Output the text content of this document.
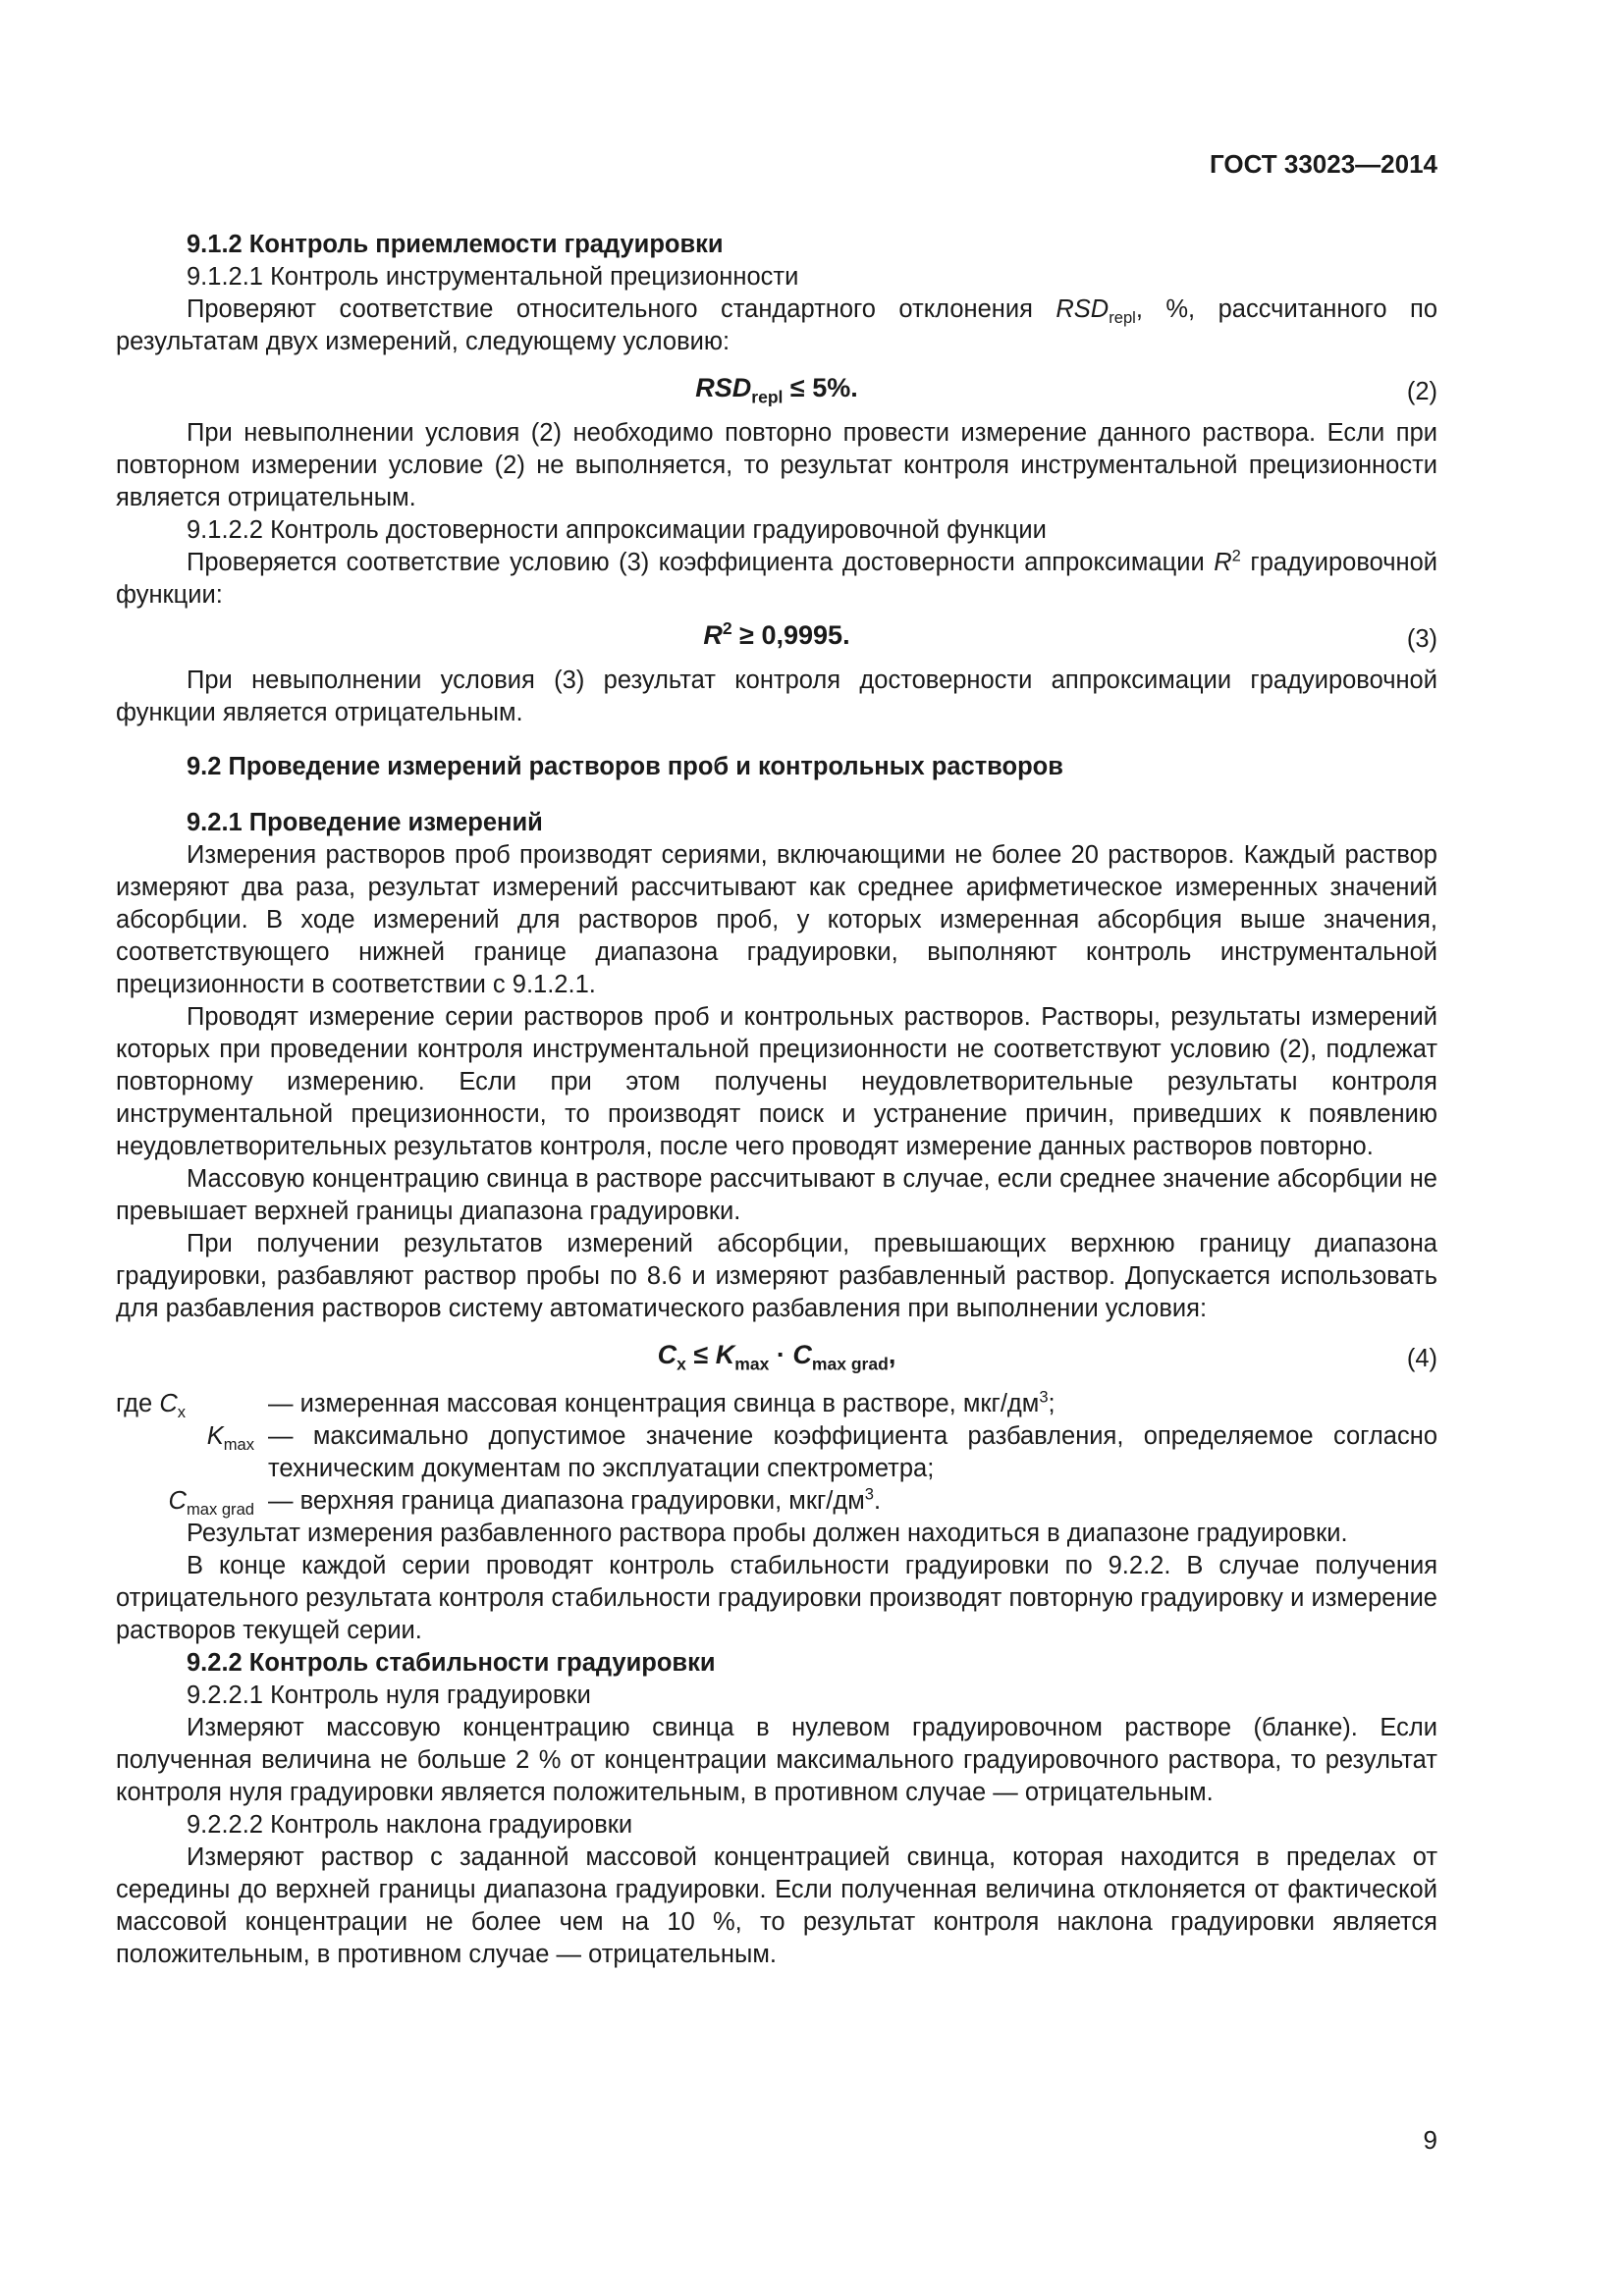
ГОСТ 33023—2014

9.1.2 Контроль приемлемости градуировки

9.1.2.1 Контроль инструментальной прецизионности

Проверяют соответствие относительного стандартного отклонения $RSD_{repl}$, %, рассчитанного по результатам двух измерений, следующему условию:

$RSD_{repl} \le 5\%$.	(2)

При невыполнении условия (2) необходимо повторно провести измерение данного раствора. Если при повторном измерении условие (2) не выполняется, то результат контроля инструментальной прецизионности является отрицательным.

9.1.2.2 Контроль достоверности аппроксимации градуировочной функции

Проверяется соответствие условию (3) коэффициента достоверности аппроксимации $R^2$ градуировочной функции:

$R^2 \ge 0,9995$.	(3)

При невыполнении условия (3) результат контроля достоверности аппроксимации градуировочной функции является отрицательным.

9.2 Проведение измерений растворов проб и контрольных растворов

9.2.1 Проведение измерений

Измерения растворов проб производят сериями, включающими не более 20 растворов. Каждый раствор измеряют два раза, результат измерений рассчитывают как среднее арифметическое измеренных значений абсорбции. В ходе измерений для растворов проб, у которых измеренная абсорбция выше значения, соответствующего нижней границе диапазона градуировки, выполняют контроль инструментальной прецизионности в соответствии с 9.1.2.1.

Проводят измерение серии растворов проб и контрольных растворов. Растворы, результаты измерений которых при проведении контроля инструментальной прецизионности не соответствуют условию (2), подлежат повторному измерению. Если при этом получены неудовлетворительные результаты контроля инструментальной прецизионности, то производят поиск и устранение причин, приведших к появлению неудовлетворительных результатов контроля, после чего проводят измерение данных растворов повторно.

Массовую концентрацию свинца в растворе рассчитывают в случае, если среднее значение абсорбции не превышает верхней границы диапазона градуировки.

При получении результатов измерений абсорбции, превышающих верхнюю границу диапазона градуировки, разбавляют раствор пробы по 8.6 и измеряют разбавленный раствор. Допускается использовать для разбавления растворов систему автоматического разбавления при выполнении условия:

$C_x \le K_{max} \cdot C_{max grad}$,	(4)
где $C_x$	— измеренная массовая концентрация свинца в растворе, мкг/$дм^3$;
$K_{max}$ — максимально допустимое значение коэффициента разбавления, определяемое согласно техническим документам по эксплуатации спектрометра;
$C_{max grad}$ — верхняя граница диапазона градуировки, мкг/$дм^3$.

Результат измерения разбавленного раствора пробы должен находиться в диапазоне градуировки.

В конце каждой серии проводят контроль стабильности градуировки по 9.2.2. В случае получения отрицательного результата контроля стабильности градуировки производят повторную градуировку и измерение растворов текущей серии.

9.2.2 Контроль стабильности градуировки

9.2.2.1 Контроль нуля градуировки

Измеряют массовую концентрацию свинца в нулевом градуировочном растворе (бланке). Если полученная величина не больше 2 % от концентрации максимального градуировочного раствора, то результат контроля нуля градуировки является положительным, в противном случае — отрицательным.

9.2.2.2 Контроль наклона градуировки

Измеряют раствор с заданной массовой концентрацией свинца, которая находится в пределах от середины до верхней границы диапазона градуировки. Если полученная величина отклоняется от фактической массовой концентрации не более чем на 10 %, то результат контроля наклона градуировки является положительным, в противном случае — отрицательным.

9
